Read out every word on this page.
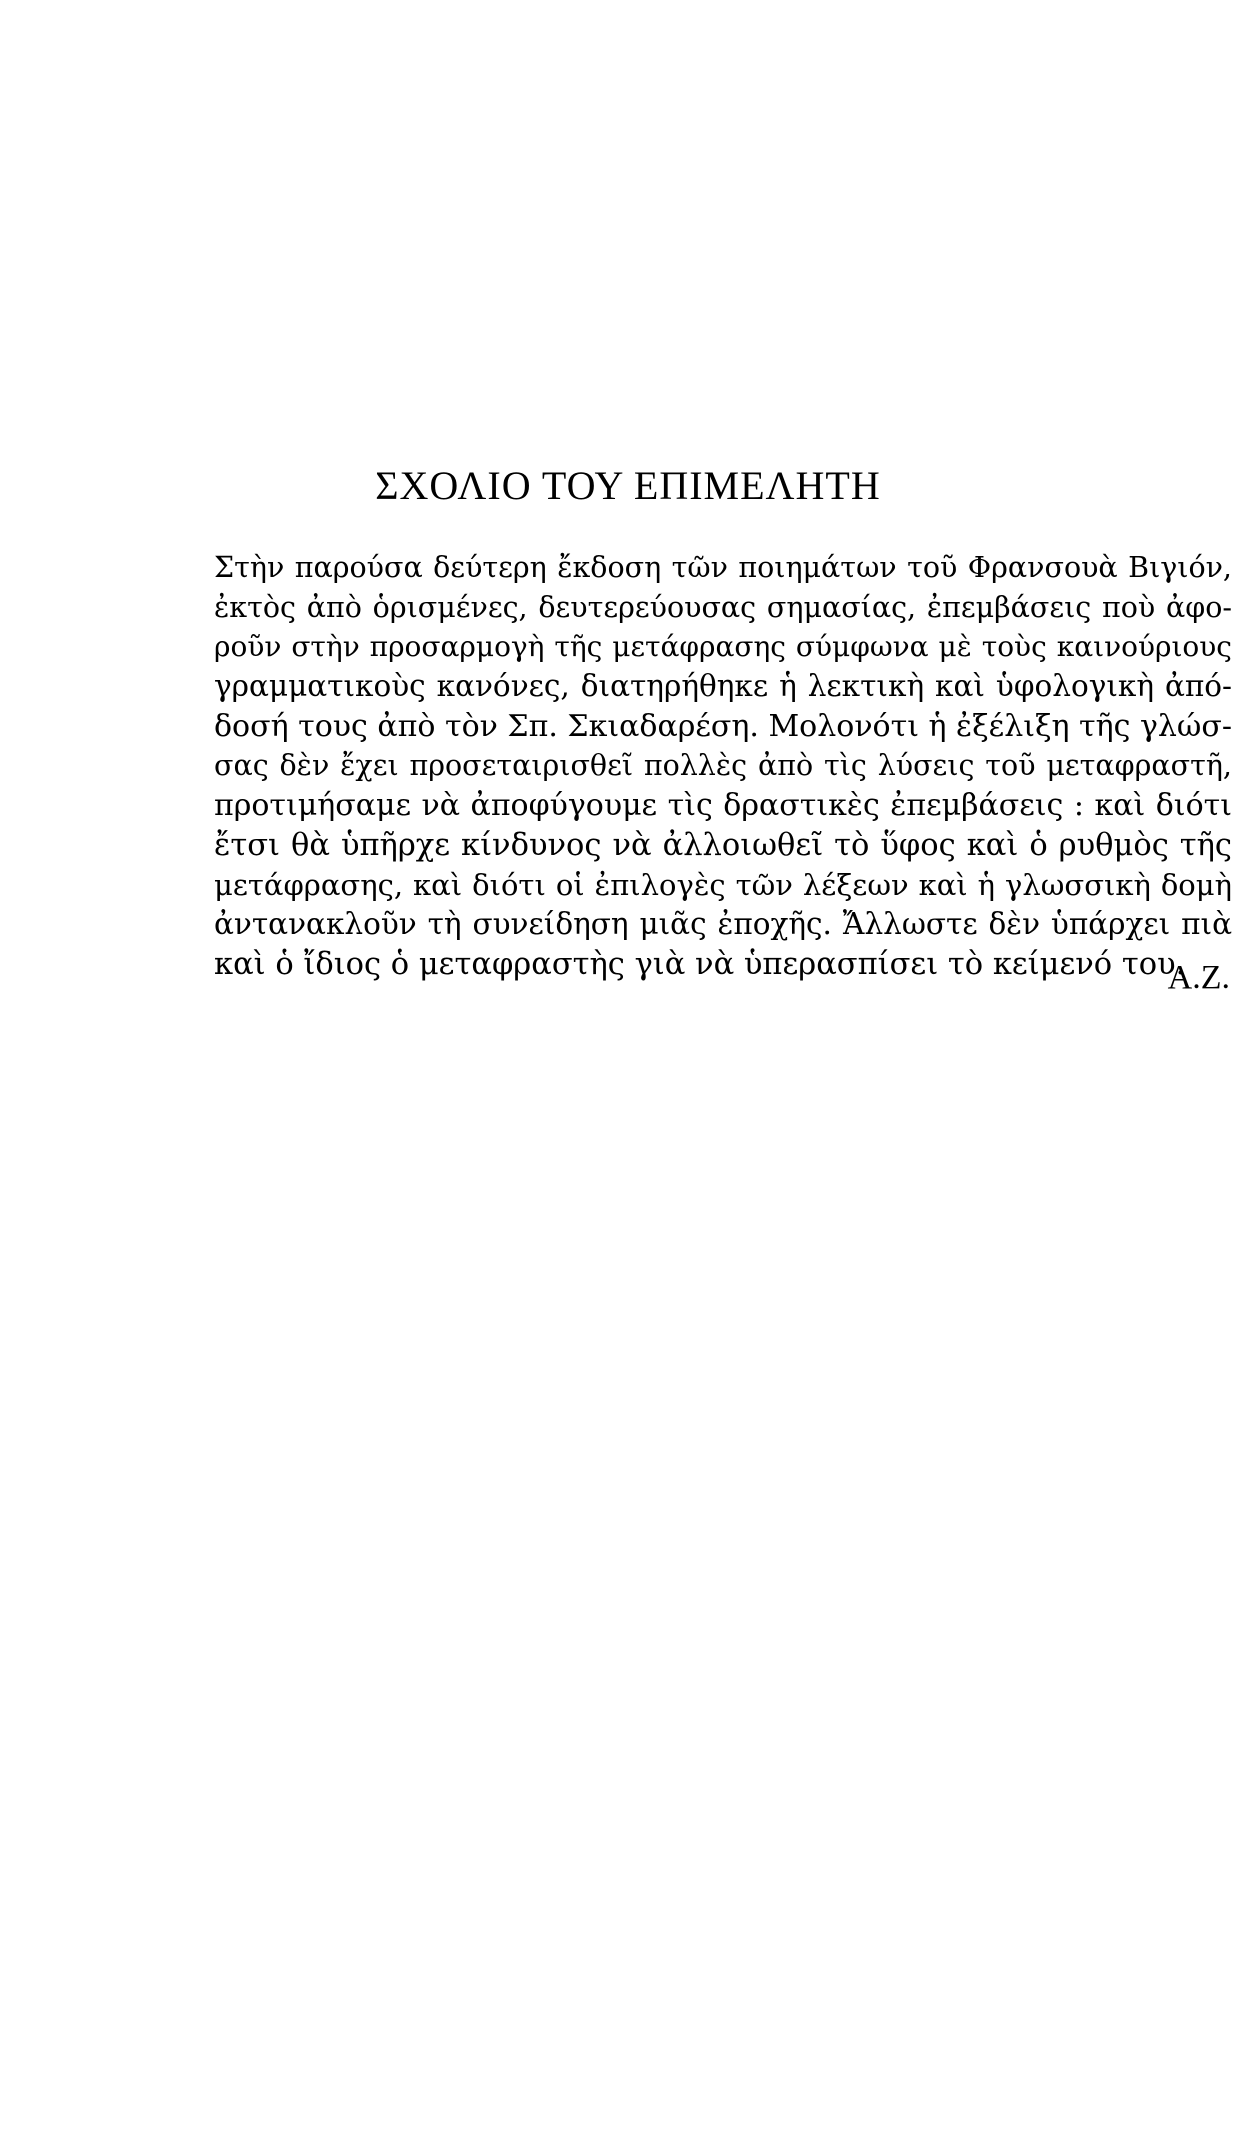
ΣΧΟΛΙΟ ΤΟΥ ΕΠΙΜΕΛΗΤΗ
Στὴν παρούσα δεύτερη ἔκδοση τῶν ποιημάτων τοῦ Φρανσουὰ Βιγιόν,
ἐκτὸς ἀπὸ ὁρισμένες, δευτερεύουσας σημασίας, ἐπεμβάσεις ποὺ ἀφο-
ροῦν στὴν προσαρμογὴ τῆς μετάφρασης σύμφωνα μὲ τοὺς καινούριους
γραμματικοὺς κανόνες, διατηρήθηκε ἡ λεκτικὴ καὶ ὑφολογικὴ ἀπό-
δοσή τους ἀπὸ τὸν Σπ. Σκιαδαρέση. Μολονότι ἡ ἐξέλιξη τῆς γλώσ-
σας δὲν ἔχει προσεταιρισθεῖ πολλὲς ἀπὸ τὶς λύσεις τοῦ μεταφραστῆ,
προτιμήσαμε νὰ ἀποφύγουμε τὶς δραστικὲς ἐπεμβάσεις : καὶ διότι
ἔτσι θὰ ὑπῆρχε κίνδυνος νὰ ἀλλοιωθεῖ τὸ ὕφος καὶ ὁ ρυθμὸς τῆς
μετάφρασης, καὶ διότι οἱ ἐπιλογὲς τῶν λέξεων καὶ ἡ γλωσσικὴ δομὴ
ἀντανακλοῦν τὴ συνείδηση μιᾶς ἐποχῆς. Ἄλλωστε δὲν ὑπάρχει πιὰ
καὶ ὁ ἴδιος ὁ μεταφραστὴς γιὰ νὰ ὑπερασπίσει τὸ κείμενό του.
Α.Ζ.
